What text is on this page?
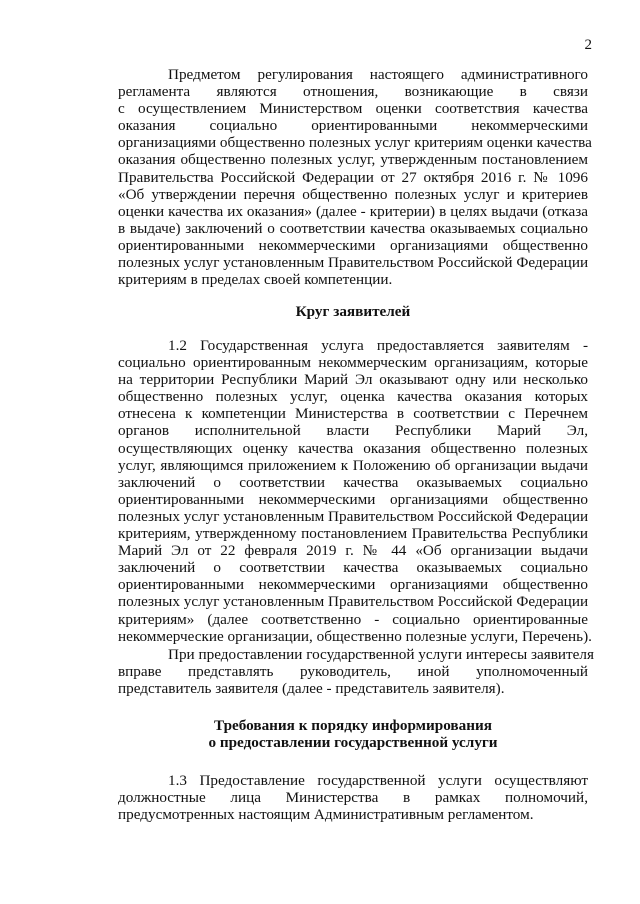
2
Предметом регулирования настоящего административного
регламента являются отношения, возникающие в связи
с осуществлением Министерством оценки соответствия качества
оказания социально ориентированными некоммерческими
организациями общественно полезных услуг критериям оценки качества
оказания общественно полезных услуг, утвержденным постановлением
Правительства Российской Федерации от 27 октября 2016 г. № 1096
«Об утверждении перечня общественно полезных услуг и критериев
оценки качества их оказания» (далее - критерии) в целях выдачи (отказа
в выдаче) заключений о соответствии качества оказываемых социально
ориентированными некоммерческими организациями общественно
полезных услуг установленным Правительством Российской Федерации
критериям в пределах своей компетенции.
Круг заявителей
1.2 Государственная услуга предоставляется заявителям -
социально ориентированным некоммерческим организациям, которые
на территории Республики Марий Эл оказывают одну или несколько
общественно полезных услуг, оценка качества оказания которых
отнесена к компетенции Министерства в соответствии с Перечнем
органов исполнительной власти Республики Марий Эл,
осуществляющих оценку качества оказания общественно полезных
услуг, являющимся приложением к Положению об организации выдачи
заключений о соответствии качества оказываемых социально
ориентированными некоммерческими организациями общественно
полезных услуг установленным Правительством Российской Федерации
критериям, утвержденному постановлением Правительства Республики
Марий Эл от 22 февраля 2019 г. № 44 «Об организации выдачи
заключений о соответствии качества оказываемых социально
ориентированными некоммерческими организациями общественно
полезных услуг установленным Правительством Российской Федерации
критериям» (далее соответственно - социально ориентированные
некоммерческие организации, общественно полезные услуги, Перечень).
При предоставлении государственной услуги интересы заявителя
вправе представлять руководитель, иной уполномоченный
представитель заявителя (далее - представитель заявителя).
Требования к порядку информирования
о предоставлении государственной услуги
1.3 Предоставление государственной услуги осуществляют
должностные лица Министерства в рамках полномочий,
предусмотренных настоящим Административным регламентом.
